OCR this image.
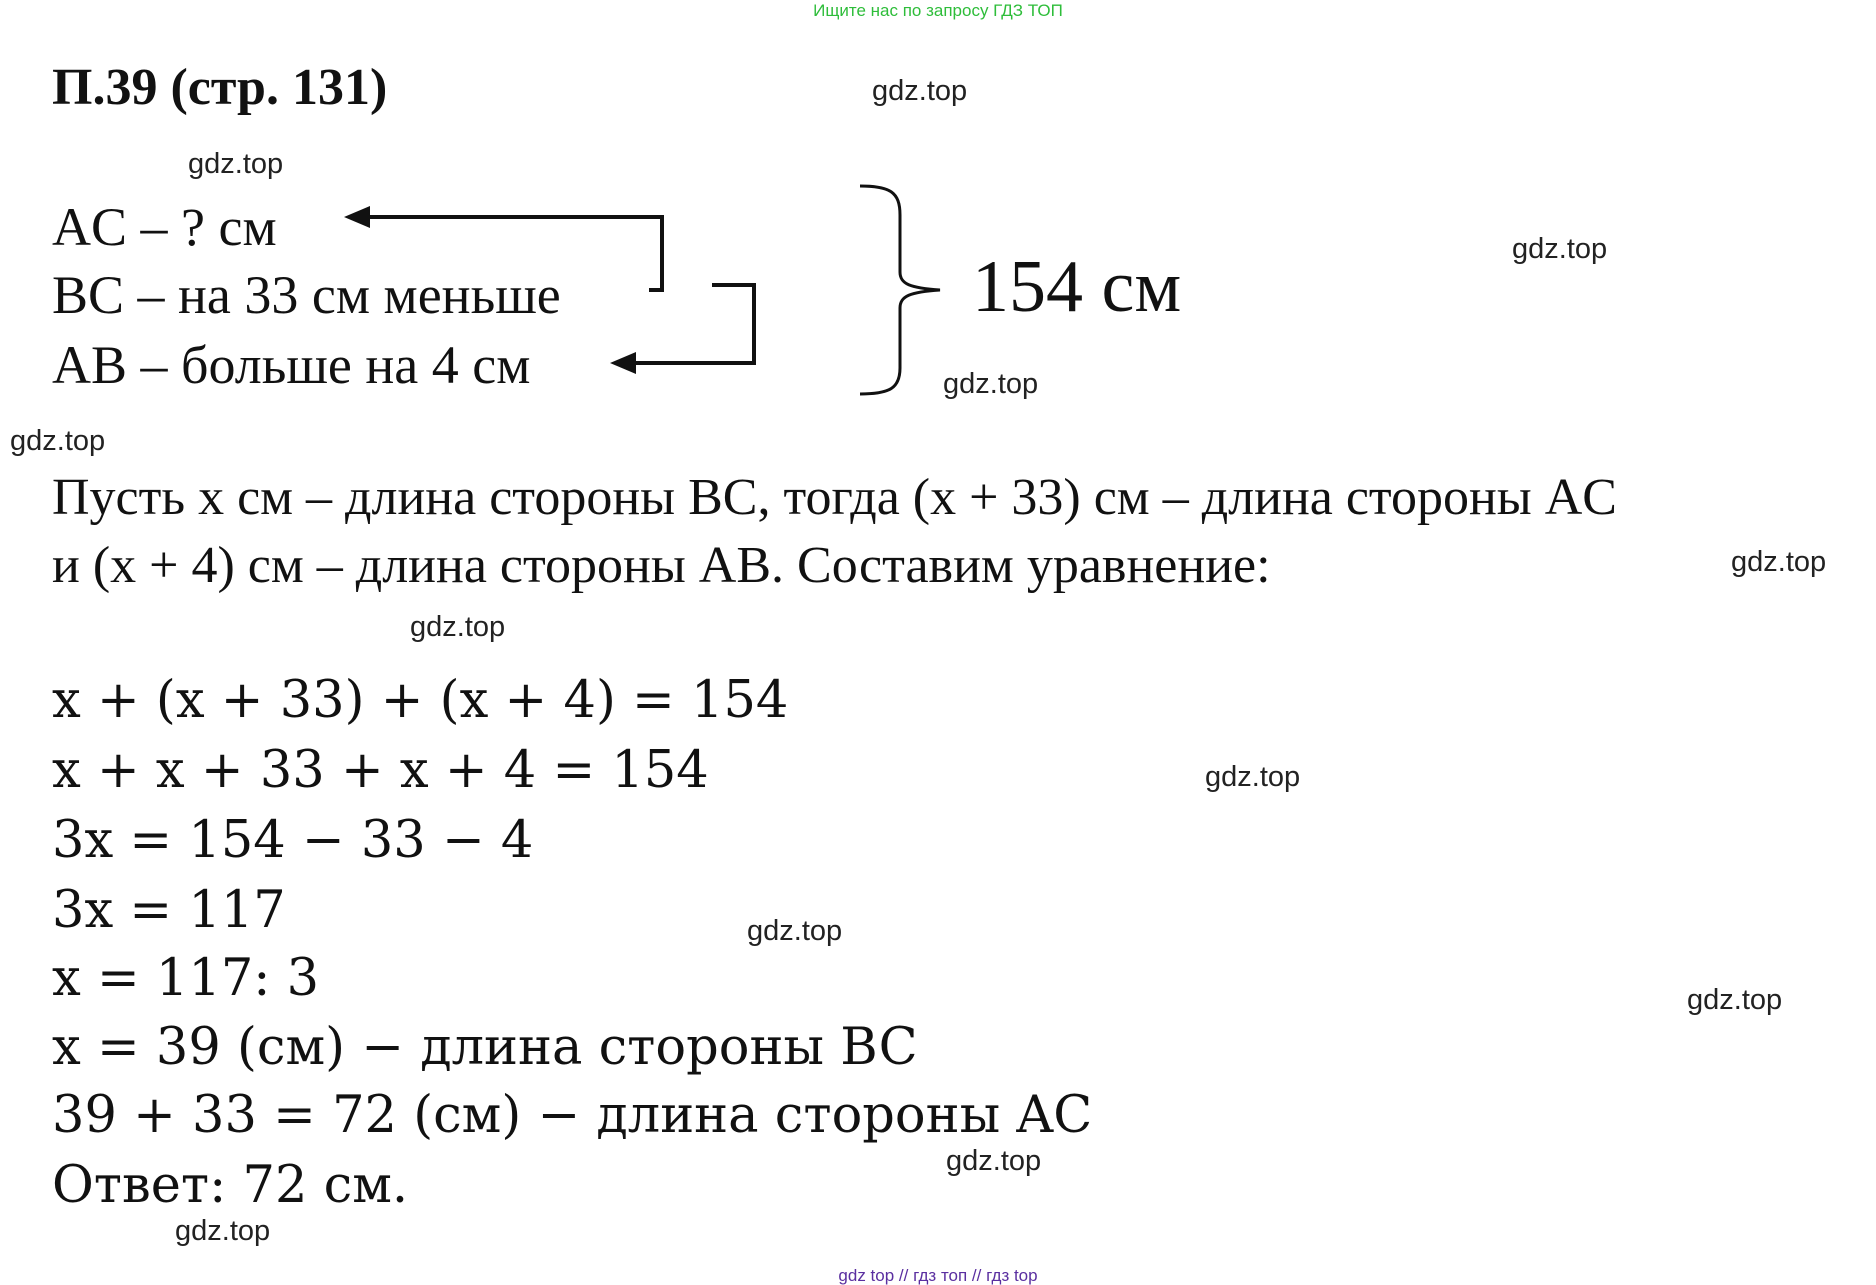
Ищите нас по запросу ГДЗ ТОП
П.39 (стр. 131)
AC – ? см
BC – на 33 см меньше
AB – больше на 4 см
154 см
Пусть x см – длина стороны BC, тогда (x + 33) см – длина стороны AC
и (x + 4) см – длина стороны AB. Составим уравнение:
x + (x + 33) + (x + 4) = 154
x + x + 33 + x + 4 = 154
3x = 154 − 33 − 4
3x = 117
x = 117: 3
x = 39 (см) − длина стороны BC
39 + 33 = 72 (см) − длина стороны AC
Ответ: 72 см.
gdz.top
gdz.top
gdz.top
gdz.top
gdz.top
gdz.top
gdz.top
gdz.top
gdz.top
gdz.top
gdz.top
gdz.top
gdz top // гдз топ // гдз top
